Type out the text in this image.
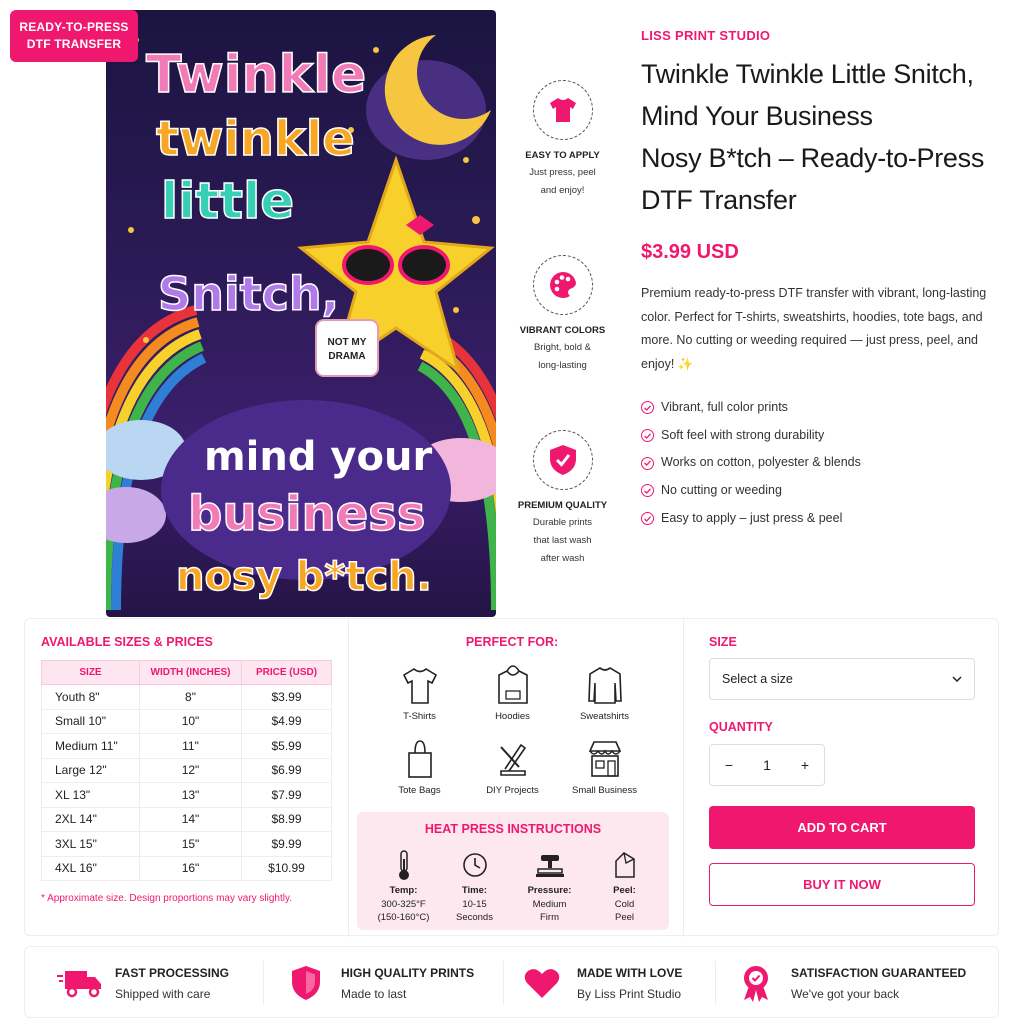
NOT MY
DRAMA
Twinkle
twinkle
little
Snitch,
mind your
business
nosy b*tch.
READY-TO-PRESS
DTF TRANSFER
EASY TO APPLY
Just press, peel
and enjoy!
VIBRANT COLORS
Bright, bold &
long-lasting
PREMIUM QUALITY
Durable prints
that last wash
after wash
LISS PRINT STUDIO
Twinkle Twinkle Little Snitch,
Mind Your Business
Nosy B*tch – Ready-to-Press
DTF Transfer
$3.99 USD
Premium ready-to-press DTF transfer with vibrant, long-lasting color. Perfect for T-shirts, sweatshirts, hoodies, tote bags, and more. No cutting or weeding required — just press, peel, and enjoy! ✨
Vibrant, full color prints
Soft feel with strong durability
Works on cotton, polyester & blends
No cutting or weeding
Easy to apply – just press & peel
AVAILABLE SIZES & PRICES
SIZE	WIDTH (INCHES)	PRICE (USD)
Youth 8"	8"	$3.99
Small 10"	10"	$4.99
Medium 11"	11"	$5.99
Large 12"	12"	$6.99
XL 13"	13"	$7.99
2XL 14"	14"	$8.99
3XL 15"	15"	$9.99
4XL 16"	16"	$10.99
* Approximate size. Design proportions may vary slightly.
PERFECT FOR:
T-Shirts	Hoodies	Sweatshirts
Tote Bags	DIY Projects	Small Business
HEAT PRESS INSTRUCTIONS
Temp:
300-325°F
(150-160°C)
Time:
10-15
Seconds
Pressure:
Medium
Firm
Peel:
Cold
Peel
SIZE
Select a size
QUANTITY
−	1	+
ADD TO CART
BUY IT NOW
FAST PROCESSING
Shipped with care
HIGH QUALITY PRINTS
Made to last
MADE WITH LOVE
By Liss Print Studio
SATISFACTION GUARANTEED
We've got your back
